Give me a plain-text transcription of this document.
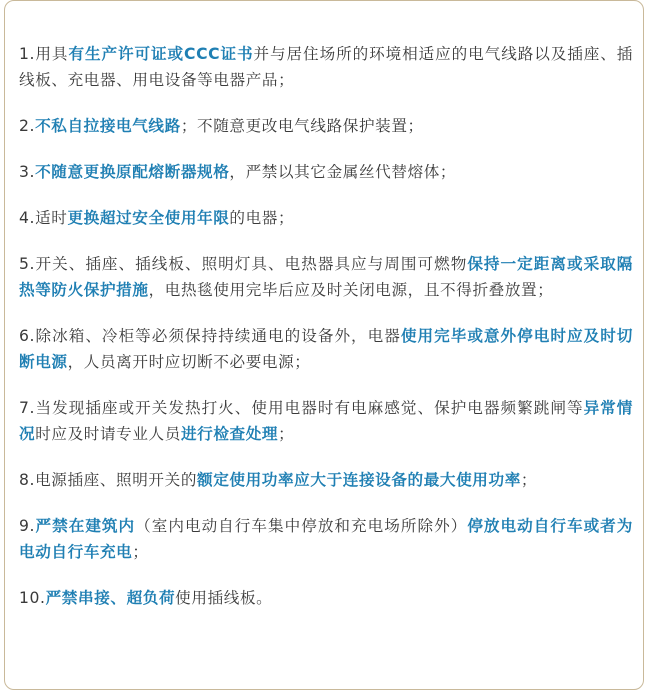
1.用具有生产许可证或CCC证书并与居住场所的环境相适应的电气线路以及插座、插线板、充电器、用电设备等电器产品；

2.不私自拉接电气线路；不随意更改电气线路保护装置；

3.不随意更换原配熔断器规格，严禁以其它金属丝代替熔体；

4.适时更换超过安全使用年限的电器；

5.开关、插座、插线板、照明灯具、电热器具应与周围可燃物保持一定距离或采取隔热等防火保护措施，电热毯使用完毕后应及时关闭电源，且不得折叠放置；

6.除冰箱、冷柜等必须保持持续通电的设备外，电器使用完毕或意外停电时应及时切断电源，人员离开时应切断不必要电源；

7.当发现插座或开关发热打火、使用电器时有电麻感觉、保护电器频繁跳闸等异常情况时应及时请专业人员进行检查处理；

8.电源插座、照明开关的额定使用功率应大于连接设备的最大使用功率；

9.严禁在建筑内（室内电动自行车集中停放和充电场所除外）停放电动自行车或者为电动自行车充电；

10.严禁串接、超负荷使用插线板。
